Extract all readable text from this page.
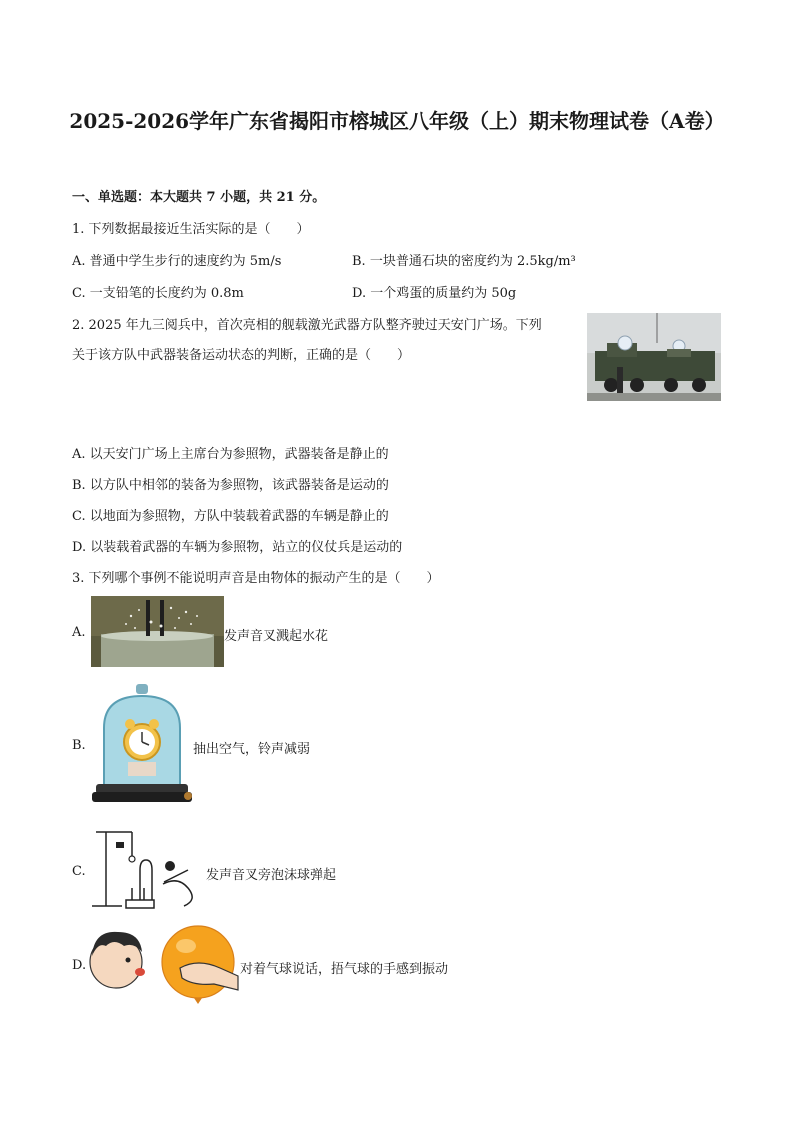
2025-2026学年广东省揭阳市榕城区八年级（上）期末物理试卷（A卷）
一、单选题：本大题共 7 小题，共 21 分。
1. 下列数据最接近生活实际的是（　　）
A. 普通中学生步行的速度约为 5m/s	B. 一块普通石块的密度约为 2.5kg/m³
C. 一支铅笔的长度约为 0.8m	D. 一个鸡蛋的质量约为 50g
2. 2025 年九三阅兵中，首次亮相的舰载激光武器方队整齐驶过天安门广场。下列
关于该方队中武器装备运动状态的判断，正确的是（　　）
A. 以天安门广场上主席台为参照物，武器装备是静止的
B. 以方队中相邻的装备为参照物，该武器装备是运动的
C. 以地面为参照物，方队中装载着武器的车辆是静止的
D. 以装载着武器的车辆为参照物，站立的仪仗兵是运动的
3. 下列哪个事例不能说明声音是由物体的振动产生的是（　　）
A.	发声音叉溅起水花
B.	抽出空气，铃声减弱
C.	发声音叉旁泡沫球弹起
D.	对着气球说话，捂气球的手感到振动
